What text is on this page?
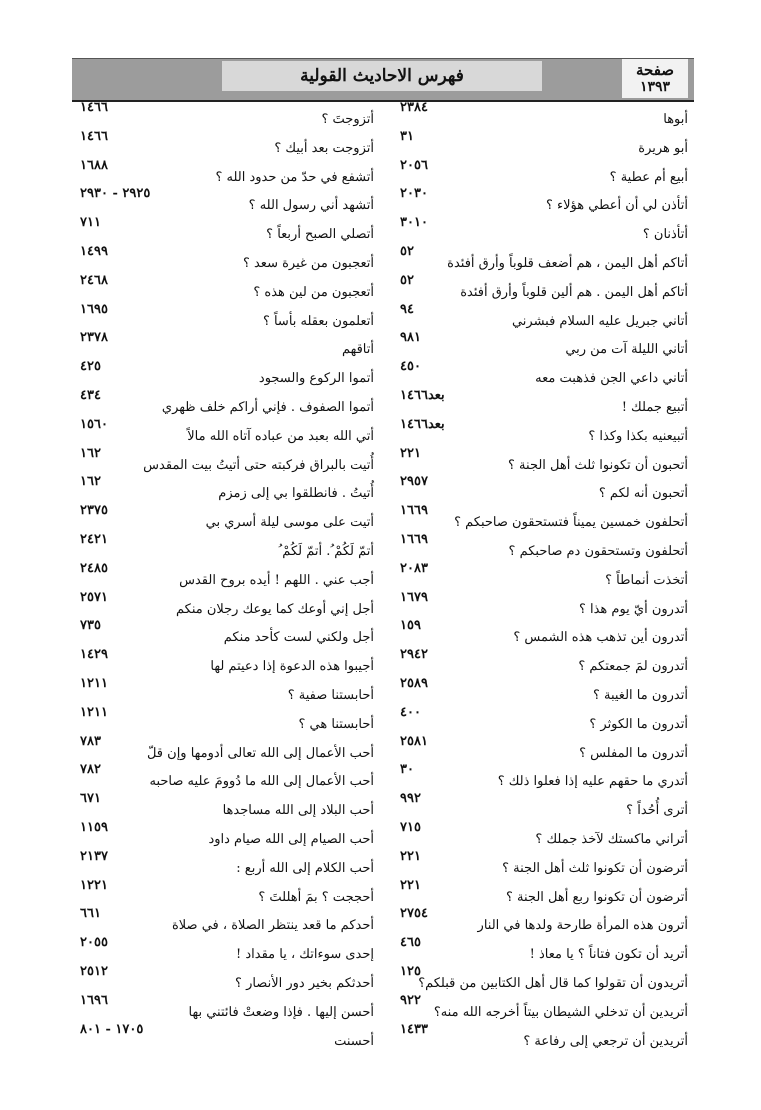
فهرس الاحاديث القولية	صفحة
١٣٩٣
أبوها
٢٣٨٤
أبو هريرة
٣١
أبيع أم عطية ؟
٢٠٥٦
أتأذن لي أن أعطي هؤلاء ؟
٢٠٣٠
أتأذنان ؟
٣٠١٠
أتاكم أهل اليمن ، هم أضعف قلوباً وأرق أفئدة
٥٢
أتاكم أهل اليمن . هم ألين قلوباً وأرق أفئدة
٥٢
أتاني جبريل عليه السلام فبشرني
٩٤
أتاني الليلة آت من ربي
٩٨١
أتاني داعي الجن فذهبت معه
٤٥٠
أتبيع جملك !
بعد١٤٦٦
أتبيعنيه بكذا وكذا ؟
بعد١٤٦٦
أتحبون أن تكونوا ثلث أهل الجنة ؟
٢٢١
أتحبون أنه لكم ؟
٢٩٥٧
أتحلفون خمسين يميناً فتستحقون صاحبكم ؟
١٦٦٩
أتحلفون وتستحقون دم صاحبكم ؟
١٦٦٩
أتخذت أنماطاً ؟
٢٠٨٣
أتدرون أيّ يوم هذا ؟
١٦٧٩
أتدرون أين تذهب هذه الشمس ؟
١٥٩
أتدرون لمَ جمعتكم ؟
٢٩٤٢
أتدرون ما الغيبة ؟
٢٥٨٩
أتدرون ما الكوثر ؟
٤٠٠
أتدرون ما المفلس ؟
٢٥٨١
أتدري ما حقهم عليه إذا فعلوا ذلك ؟
٣٠
أترى أُحُداً ؟
٩٩٢
أتراني ماكستك لآخذ جملك ؟
٧١٥
أترضون أن تكونوا ثلث أهل الجنة ؟
٢٢١
أترضون أن تكونوا ربع أهل الجنة ؟
٢٢١
أترون هذه المرأة طارحة ولدها في النار
٢٧٥٤
أتريد أن تكون فتاناً ؟ يا معاذ !
٤٦٥
أتريدون أن تقولوا كما قال أهل الكتابين من قبلكم؟
١٢٥
أتريدين أن تدخلي الشيطان بيتاً أخرجه الله منه؟
٩٢٢
أتريدين أن ترجعي إلى رفاعة ؟
١٤٣٣
أتزوجتَ ؟
١٤٦٦
أتزوجت بعد أبيك ؟
١٤٦٦
أتشفع في حدّ من حدود الله ؟
١٦٨٨
أتشهد أني رسول الله ؟
٢٩٢٥ - ٢٩٣٠
أتصلي الصبح أربعاً ؟
٧١١
أتعجبون من غيرة سعد ؟
١٤٩٩
أتعجبون من لين هذه ؟
٢٤٦٨
أتعلمون بعقله بأساً ؟
١٦٩٥
أتاقهم
٢٣٧٨
أتموا الركوع والسجود
٤٢٥
أتموا الصفوف . فإني أراكم خلف ظهري
٤٣٤
أتي الله بعبد من عباده آتاه الله مالاً
١٥٦٠
أُتيت بالبراق فركبته حتى أتيتُ بيت المقدس
١٦٢
أُتيتُ . فانطلقوا بي إلى زمزم
١٦٢
أتيت على موسى ليلة أسري بي
٢٣٧٥
أتمّ لَكُمْ ُ. أتمّ لَكُمْ ُ
٢٤٢١
أجب عني . اللهم ! أيده بروح القدس
٢٤٨٥
أجل إني أوعك كما يوعك رجلان منكم
٢٥٧١
أجل ولكني لست كأحد منكم
٧٣٥
أجيبوا هذه الدعوة إذا دعيتم لها
١٤٢٩
أحابستنا صفية ؟
١٢١١
أحابستنا هي ؟
١٢١١
أحب الأعمال إلى الله تعالى أدومها وإن قلّ
٧٨٣
أحب الأعمال إلى الله ما دُوومَ عليه صاحبه
٧٨٢
أحب البلاد إلى الله مساجدها
٦٧١
أحب الصيام إلى الله صيام داود
١١٥٩
أحب الكلام إلى الله أربع :
٢١٣٧
أحججت ؟ بمَ أهللتَ ؟
١٢٢١
أحدكم ما قعد ينتظر الصلاة ، في صلاة
٦٦١
إحدى سوءاتك ، يا مقداد !
٢٠٥٥
أحدثكم بخير دور الأنصار ؟
٢٥١٢
أحسن إليها . فإذا وضعتْ فائتني بها
١٦٩٦
أحسنت
١٧٠٥ - ٨٠١
